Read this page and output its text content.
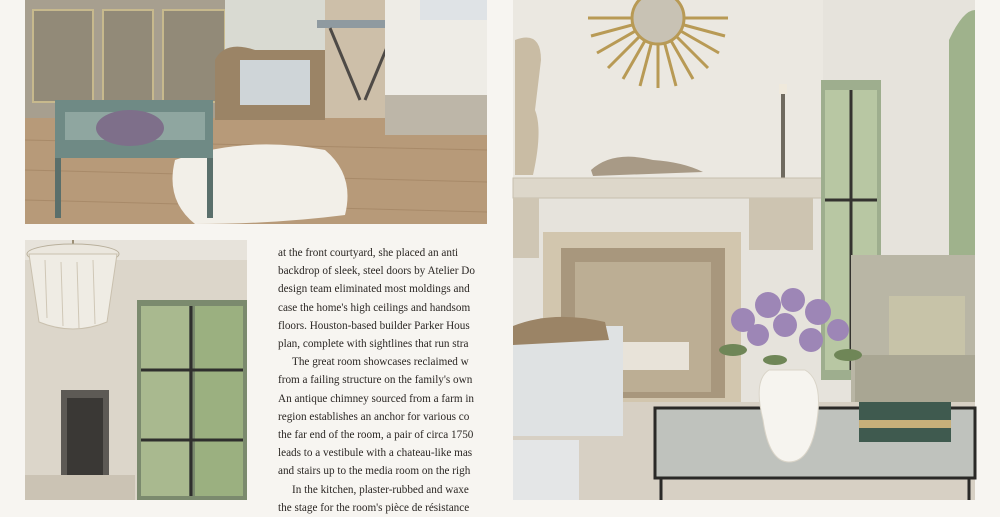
at the front courtyard, she placed an anti

backdrop of sleek, steel doors by Atelier Do

design team eliminated most moldings and

case the home's high ceilings and handsom

floors. Houston-based builder Parker Hous

plan, complete with sightlines that run stra

The great room showcases reclaimed w

from a failing structure on the family's own

An antique chimney sourced from a farm in

region establishes an anchor for various co

the far end of the room, a pair of circa 1750

leads to a vestibule with a chateau-like mas

and stairs up to the media room on the righ

In the kitchen, plaster-rubbed and waxe

the stage for the room's pièce de résistance
